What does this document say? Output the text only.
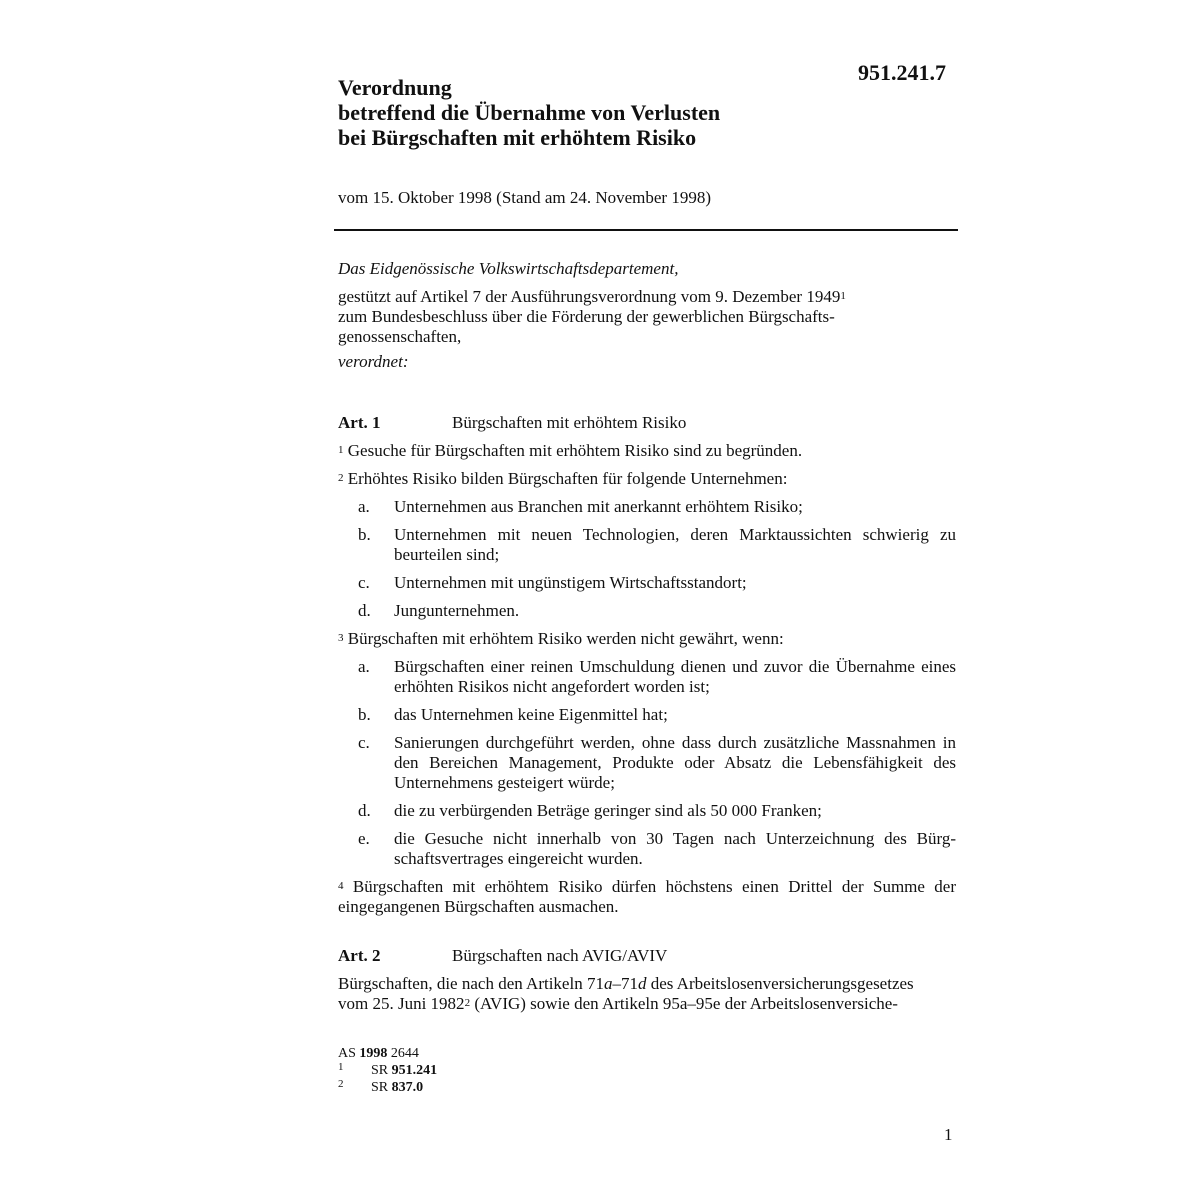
951.241.7
Verordnung
betreffend die Übernahme von Verlusten
bei Bürgschaften mit erhöhtem Risiko
vom 15. Oktober 1998 (Stand am 24. November 1998)
Das Eidgenössische Volkswirtschaftsdepartement,
gestützt auf Artikel 7 der Ausführungsverordnung vom 9. Dezember 1949$^1$
zum Bundesbeschluss über die Förderung der gewerblichen Bürgschafts-
genossenschaften,
verordnet:
Art. 1	Bürgschaften mit erhöhtem Risiko
$^1$ Gesuche für Bürgschaften mit erhöhtem Risiko sind zu begründen.
$^2$ Erhöhtes Risiko bilden Bürgschaften für folgende Unternehmen:
a. Unternehmen aus Branchen mit anerkannt erhöhtem Risiko;
b. Unternehmen mit neuen Technologien, deren Marktaussichten schwierig zu beurteilen sind;
c. Unternehmen mit ungünstigem Wirtschaftsstandort;
d. Jungunternehmen.
$^3$ Bürgschaften mit erhöhtem Risiko werden nicht gewährt, wenn:
a. Bürgschaften einer reinen Umschuldung dienen und zuvor die Übernahme eines erhöhten Risikos nicht angefordert worden ist;
b. das Unternehmen keine Eigenmittel hat;
c. Sanierungen durchgeführt werden, ohne dass durch zusätzliche Massnahmen in den Bereichen Management, Produkte oder Absatz die Lebensfähigkeit des Unternehmens gesteigert würde;
d. die zu verbürgenden Beträge geringer sind als 50 000 Franken;
e. die Gesuche nicht innerhalb von 30 Tagen nach Unterzeichnung des Bürg-schaftsvertrages eingereicht wurden.
$^4$ Bürgschaften mit erhöhtem Risiko dürfen höchstens einen Drittel der Summe der eingegangenen Bürgschaften ausmachen.
Art. 2	Bürgschaften nach AVIG/AVIV
Bürgschaften, die nach den Artikeln 71a–71d des Arbeitslosenversicherungsgesetzes
vom 25. Juni 1982$^2$ (AVIG) sowie den Artikeln 95a–95e der Arbeitslosenversiche-
AS 1998 2644
1 SR 951.241
2 SR 837.0
1
